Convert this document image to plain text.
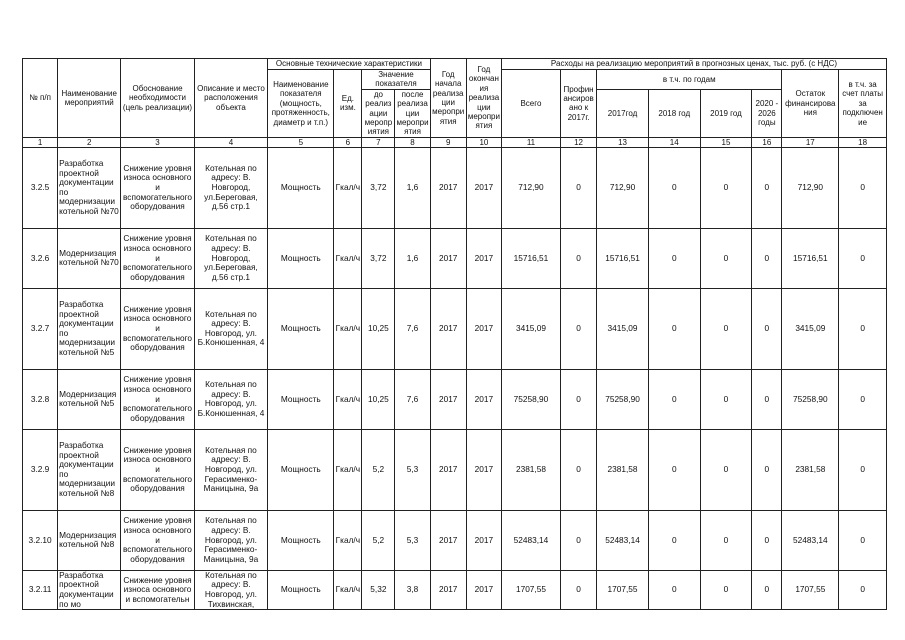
№ п/п	Наименование мероприятий	Обоснование необходимости (цель реализации)	Описание и место расположения объекта	Основные технические характеристики				Год начала реализации мероприятия	Год окончания реализации мероприятия	Расходы на реализацию мероприятий в прогнозных ценах, тыс. руб. (с НДС)							
				Наименование показателя (мощность, протяженность, диаметр и т.п.)	Ед. изм.	Значение показателя				Всего	Профинансировано к 2017г.	в т.ч. по годам				Остаток финансирования	в т.ч. за счет платы за подключение

						до реализации мероприятия	после реализации мероприятия					2017год	2018 год	2019 год	2020 - 2026 годы		
1	2	3	4	5	6	7	8	9	10	11	12	13	14	15	16	17	18
3.2.5	Разработка проектной документации по модернизации котельной №70	Снижение уровня износа основного и вспомогательного оборудования	Котельная по адресу: В. Новгород, ул.Береговая, д.56 стр.1	Мощность	Гкал/ч	3,72	1,6	2017	2017	712,90	0	712,90	0	0	0	712,90	0
3.2.6	Модернизация котельной №70	Снижение уровня износа основного и вспомогательного оборудования	Котельная по адресу: В. Новгород, ул.Береговая, д.56 стр.1	Мощность	Гкал/ч	3,72	1,6	2017	2017	15716,51	0	15716,51	0	0	0	15716,51	0
3.2.7	Разработка проектной документации по модернизации котельной №5	Снижение уровня износа основного и вспомогательного оборудования	Котельная по адресу: В. Новгород, ул. Б.Конюшенная, 4	Мощность	Гкал/ч	10,25	7,6	2017	2017	3415,09	0	3415,09	0	0	0	3415,09	0
3.2.8	Модернизация котельной №5	Снижение уровня износа основного и вспомогательного оборудования	Котельная по адресу: В. Новгород, ул. Б.Конюшенная, 4	Мощность	Гкал/ч	10,25	7,6	2017	2017	75258,90	0	75258,90	0	0	0	75258,90	0
3.2.9	Разработка проектной документации по модернизации котельной №8	Снижение уровня износа основного и вспомогательного оборудования	Котельная по адресу: В. Новгород, ул. Герасименко-Маницына, 9а	Мощность	Гкал/ч	5,2	5,3	2017	2017	2381,58	0	2381,58	0	0	0	2381,58	0
3.2.10	Модернизация котельной №8	Снижение уровня износа основного и вспомогательного оборудования	Котельная по адресу: В. Новгород, ул. Герасименко-Маницына, 9а	Мощность	Гкал/ч	5,2	5,3	2017	2017	52483,14	0	52483,14	0	0	0	52483,14	0
3.2.11	Разработка проектной документации по мо	Снижение уровня износа основного и вспомогательн	Котельная по адресу: В. Новгород, ул. Тихвинская,	Мощность	Гкал/ч	5,32	3,8	2017	2017	1707,55	0	1707,55	0	0	0	1707,55	0
